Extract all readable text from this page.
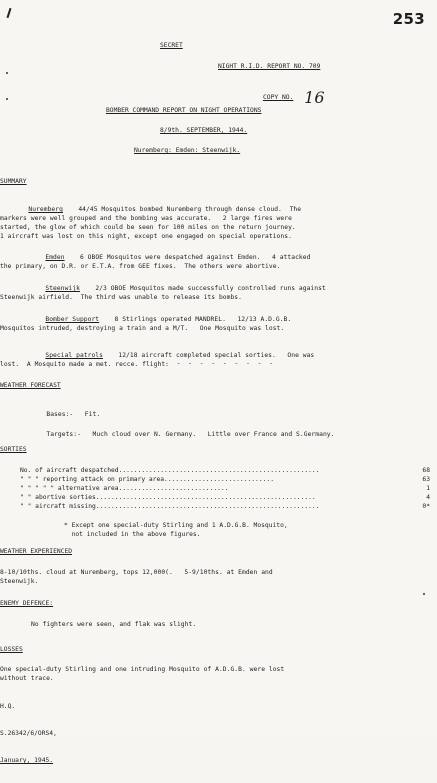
253
SECRET
NIGHT R.I.D. REPORT NO. 709
COPY NO. 16
BOMBER COMMAND REPORT ON NIGHT OPERATIONS
8/9th. SEPTEMBER, 1944.
Nuremberg: Emden: Steenwijk.
SUMMARY

Nuremberg 44/45 Mosquitos bombed Nuremberg through dense cloud.  The
markers were well grouped and the bombing was accurate.   2 large fires were
started, the glow of which could be seen for 100 miles on the return journey.
1 aircraft was lost on this night, except one engaged on special operations.

Emden 6 OBOE Mosquitos were despatched against Emden.   4 attacked
the primary, on D.R. or E.T.A. from GEE fixes.  The others were abortive.

Steenwijk 2/3 OBOE Mosquitos made successfully controlled runs against
Steenwijk airfield.  The third was unable to release its bombs.

Bomber Support 8 Stirlings operated MANDREL.   12/13 A.D.G.B.
Mosquitos intruded, destroying a train and a M/T.   One Mosquito was lost.

Special patrols 12/18 aircraft completed special sorties.   One was
lost.  A Mosquito made a met. recce. flight.

- - - - - - - - - -
WEATHER FORECAST

Bases:- Fit.

Targets:- Much cloud over N. Germany.   Little over France and S.Germany.

SORTIES
No. of aircraft despatched.....................................................	68
" " " reporting attack on primary area.............................	63
" " " " " alternative area.............................	1
" " abortive sorties..........................................................	4
" " aircraft missing...........................................................	0*
* Except one special-duty Stirling and 1 A.D.G.B. Mosquito,
not included in the above figures.
WEATHER EXPERIENCED
8-10/10ths. cloud at Nuremberg, tops 12,000(.   5-9/10ths. at Emden and
Steenwijk.
ENEMY DEFENCE:
No fighters were seen, and flak was slight.
LOSSES
One special-duty Stirling and one intruding Mosquito of A.D.G.B. were lost
without trace.

H.Q.

S.26342/6/ORS4,

January, 1945.
